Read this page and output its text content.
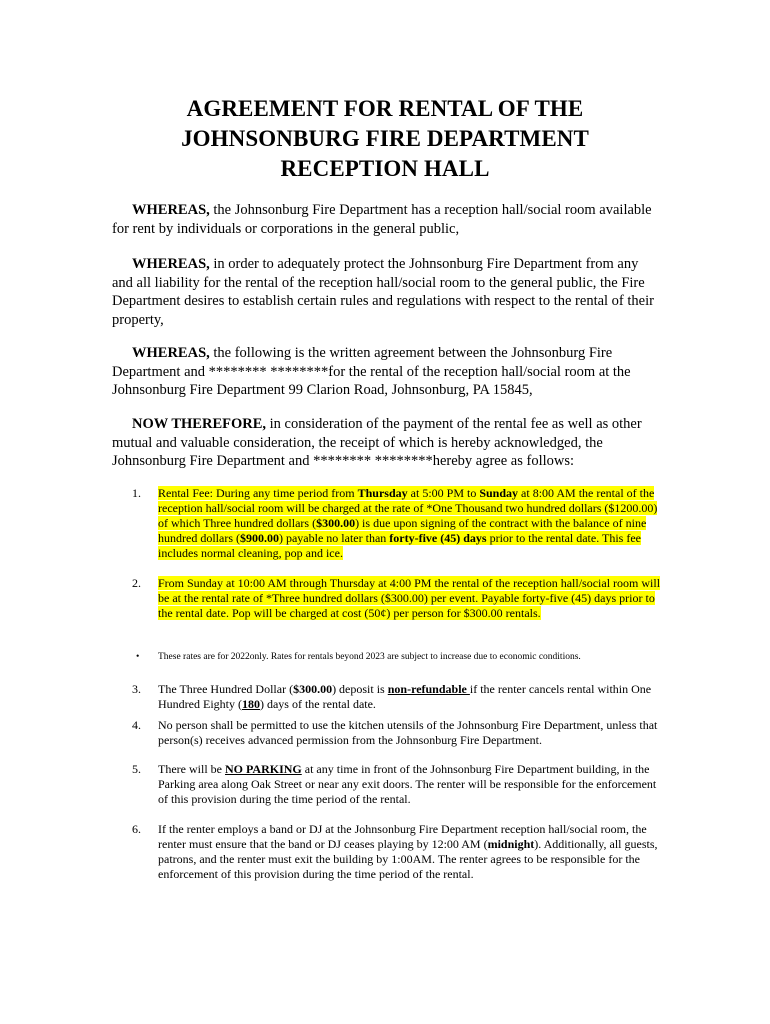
AGREEMENT FOR RENTAL OF THE
JOHNSONBURG FIRE DEPARTMENT
RECEPTION HALL
WHEREAS, the Johnsonburg Fire Department has a reception hall/social room available for rent by individuals or corporations in the general public,
WHEREAS, in order to adequately protect the Johnsonburg Fire Department from any and all liability for the rental of the reception hall/social room to the general public, the Fire Department desires to establish certain rules and regulations with respect to the rental of their property,
WHEREAS, the following is the written agreement between the Johnsonburg Fire Department and ******** ********for the rental of the reception hall/social room at the Johnsonburg Fire Department 99 Clarion Road, Johnsonburg, PA 15845,
NOW THEREFORE, in consideration of the payment of the rental fee as well as other mutual and valuable consideration, the receipt of which is hereby acknowledged, the Johnsonburg Fire Department and ******** ********hereby agree as follows:
1.	Rental Fee: During any time period from Thursday at 5:00 PM to Sunday at 8:00 AM the rental of the reception hall/social room will be charged at the rate of *One Thousand two hundred dollars ($1200.00) of which Three hundred dollars ($300.00) is due upon signing of the contract with the balance of nine hundred dollars ($900.00) payable no later than forty-five (45) days prior to the rental date. This fee includes normal cleaning, pop and ice.
2.	From Sunday at 10:00 AM through Thursday at 4:00 PM the rental of the reception hall/social room will be at the rental rate of *Three hundred dollars ($300.00) per event. Payable forty-five (45) days prior to the rental date. Pop will be charged at cost (50¢) per person for $300.00 rentals.
• These rates are for 2022only. Rates for rentals beyond 2023 are subject to increase due to economic conditions.
3.	The Three Hundred Dollar ($300.00) deposit is non-refundable if the renter cancels rental within One Hundred Eighty (180) days of the rental date.
4.	No person shall be permitted to use the kitchen utensils of the Johnsonburg Fire Department, unless that person(s) receives advanced permission from the Johnsonburg Fire Department.
5.	There will be NO PARKING at any time in front of the Johnsonburg Fire Department building, in the Parking area along Oak Street or near any exit doors. The renter will be responsible for the enforcement of this provision during the time period of the rental.
6.	If the renter employs a band or DJ at the Johnsonburg Fire Department reception hall/social room, the renter must ensure that the band or DJ ceases playing by 12:00 AM (midnight). Additionally, all guests, patrons, and the renter must exit the building by 1:00AM. The renter agrees to be responsible for the enforcement of this provision during the time period of the rental.
